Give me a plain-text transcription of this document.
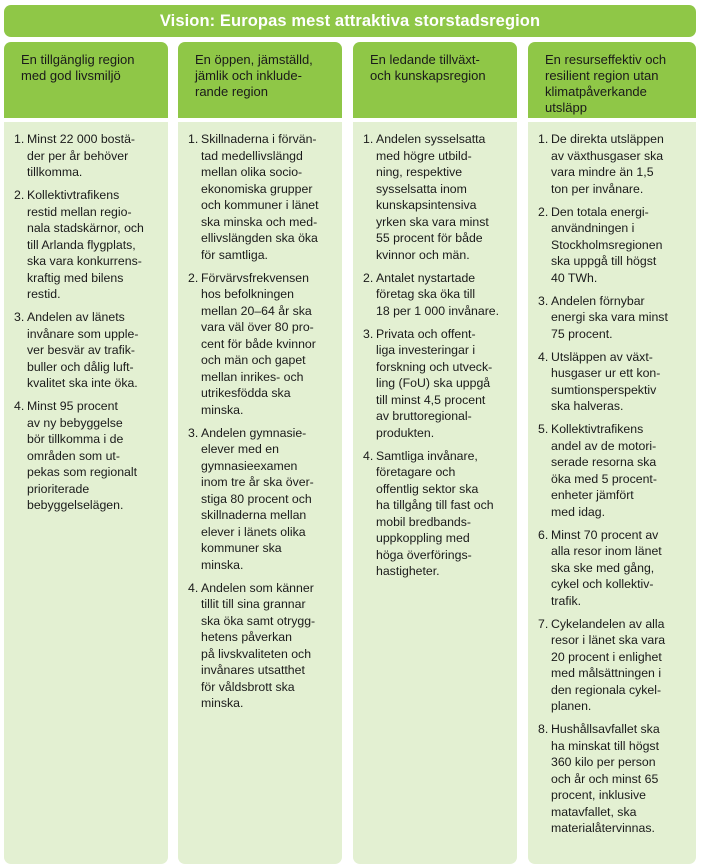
Vision: Europas mest attraktiva storstadsregion
En tillgänglig region
med god livsmiljö
1. Minst 22 000 bostä-
der per år behöver
tillkomma.
2. Kollektivtrafikens
restid mellan regio-
nala stadskärnor, och
till Arlanda flygplats,
ska vara konkurrens-
kraftig med bilens
restid.
3. Andelen av länets
invånare som upple-
ver besvär av trafik-
buller och dålig luft-
kvalitet ska inte öka.
4. Minst 95 procent
av ny bebyggelse
bör tillkomma i de
områden som ut-
pekas som regionalt
prioriterade
bebyggelselägen.
En öppen, jämställd,
jämlik och inklude-
rande region
1. Skillnaderna i förvän-
tad medellivslängd
mellan olika socio-
ekonomiska grupper
och kommuner i länet
ska minska och med-
ellivslängden ska öka
för samtliga.
2. Förvärvsfrekvensen
hos befolkningen
mellan 20–64 år ska
vara väl över 80 pro-
cent för både kvinnor
och män och gapet
mellan inrikes- och
utrikesfödda ska
minska.
3. Andelen gymnasie-
elever med en
gymnasieexamen
inom tre år ska över-
stiga 80 procent och
skillnaderna mellan
elever i länets olika
kommuner ska
minska.
4. Andelen som känner
tillit till sina grannar
ska öka samt otrygg-
hetens påverkan
på livskvaliteten och
invånares utsatthet
för våldsbrott ska
minska.
En ledande tillväxt-
och kunskapsregion
1. Andelen sysselsatta
med högre utbild-
ning, respektive
sysselsatta inom
kunskapsintensiva
yrken ska vara minst
55 procent för både
kvinnor och män.
2. Antalet nystartade
företag ska öka till
18 per 1 000 invånare.
3. Privata och offent-
liga investeringar i
forskning och utveck-
ling (FoU) ska uppgå
till minst 4,5 procent
av bruttoregional-
produkten.
4. Samtliga invånare,
företagare och
offentlig sektor ska
ha tillgång till fast och
mobil bredbands-
uppkoppling med
höga överförings-
hastigheter.
En resurseffektiv och
resilient region utan
klimatpåverkande
utsläpp
1. De direkta utsläppen
av växthusgaser ska
vara mindre än 1,5
ton per invånare.
2. Den totala energi-
användningen i
Stockholmsregionen
ska uppgå till högst
40 TWh.
3. Andelen förnybar
energi ska vara minst
75 procent.
4. Utsläppen av växt-
husgaser ur ett kon-
sumtionsperspektiv
ska halveras.
5. Kollektivtrafikens
andel av de motori-
serade resorna ska
öka med 5 procent-
enheter jämfört
med idag.
6. Minst 70 procent av
alla resor inom länet
ska ske med gång,
cykel och kollektiv-
trafik.
7. Cykelandelen av alla
resor i länet ska vara
20 procent i enlighet
med målsättningen i
den regionala cykel-
planen.
8. Hushållsavfallet ska
ha minskat till högst
360 kilo per person
och år och minst 65
procent, inklusive
matavfallet, ska
materialåtervinnas.
